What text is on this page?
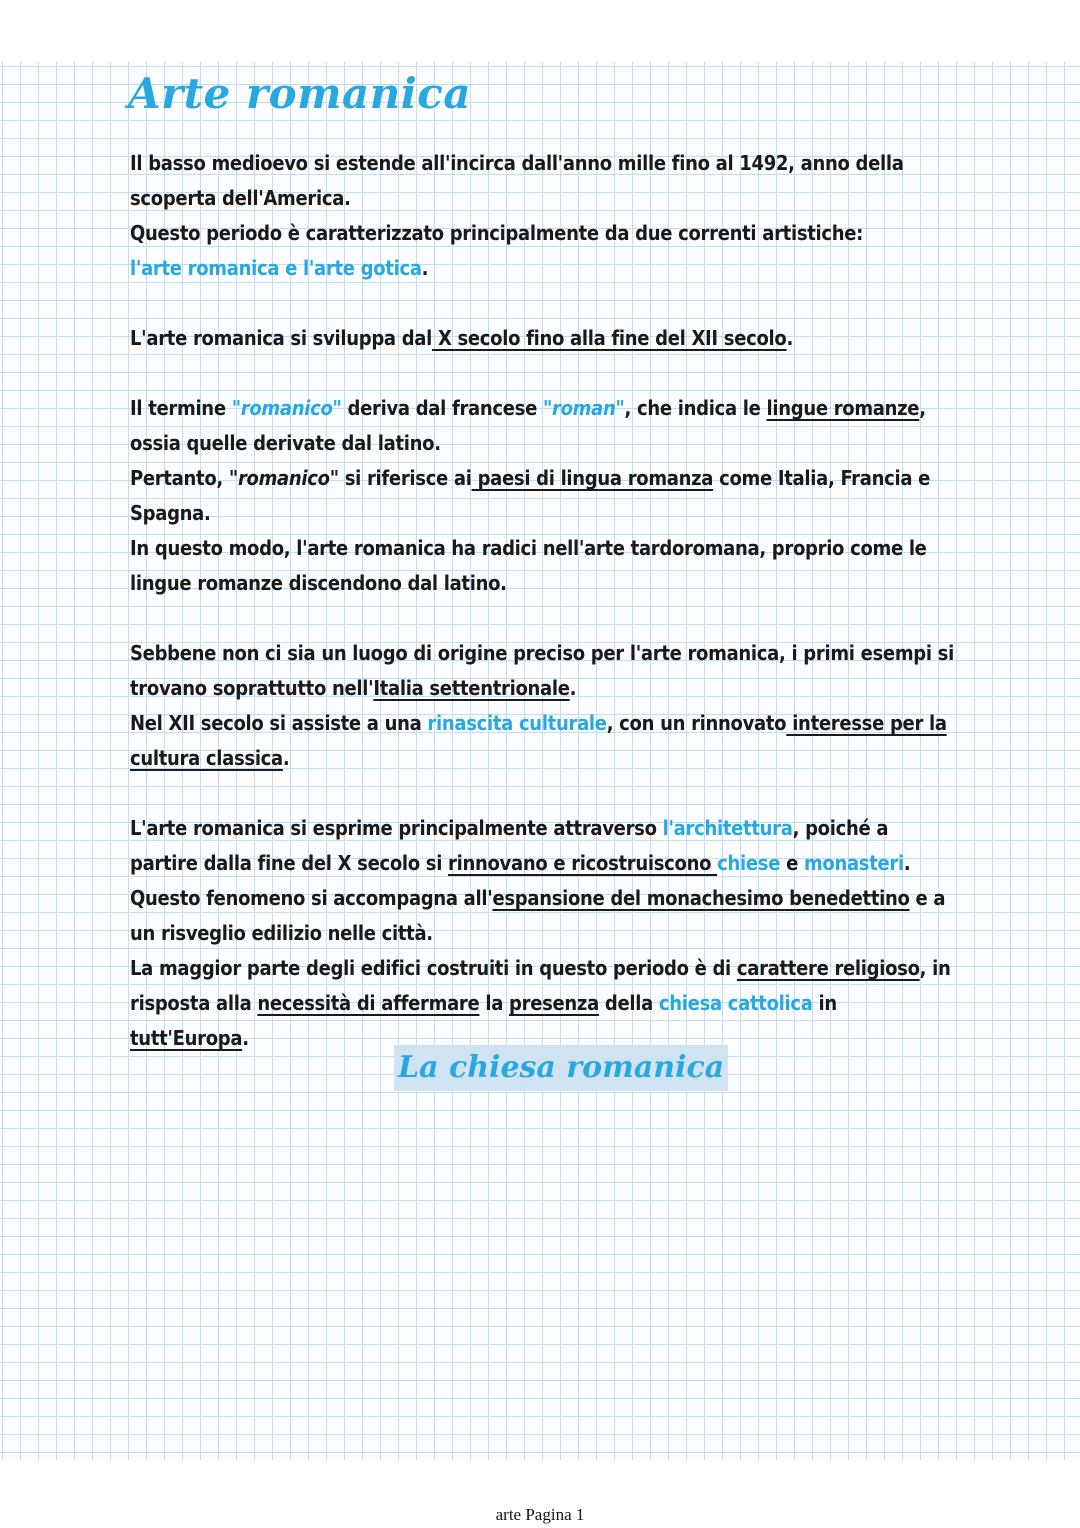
Arte romanica

Il basso medioevo si estende all'incirca dall'anno mille fino al 1492, anno della scoperta dell'America.
Questo periodo è caratterizzato principalmente da due correnti artistiche:
l'arte romanica e l'arte gotica.

L'arte romanica si sviluppa dal X secolo fino alla fine del XII secolo.

Il termine "romanico" deriva dal francese "roman", che indica le lingue romanze, ossia quelle derivate dal latino.
Pertanto, "romanico" si riferisce ai paesi di lingua romanza come Italia, Francia e Spagna.
In questo modo, l'arte romanica ha radici nell'arte tardoromana, proprio come le lingue romanze discendono dal latino.

Sebbene non ci sia un luogo di origine preciso per l'arte romanica, i primi esempi si trovano soprattutto nell'Italia settentrionale.
Nel XII secolo si assiste a una rinascita culturale, con un rinnovato interesse per la cultura classica.

L'arte romanica si esprime principalmente attraverso l'architettura, poiché a partire dalla fine del X secolo si rinnovano e ricostruiscono chiese e monasteri.
Questo fenomeno si accompagna all'espansione del monachesimo benedettino e a un risveglio edilizio nelle città.
La maggior parte degli edifici costruiti in questo periodo è di carattere religioso, in risposta alla necessità di affermare la presenza della chiesa cattolica in tutt'Europa.

La chiesa romanica
arte Pagina 1
